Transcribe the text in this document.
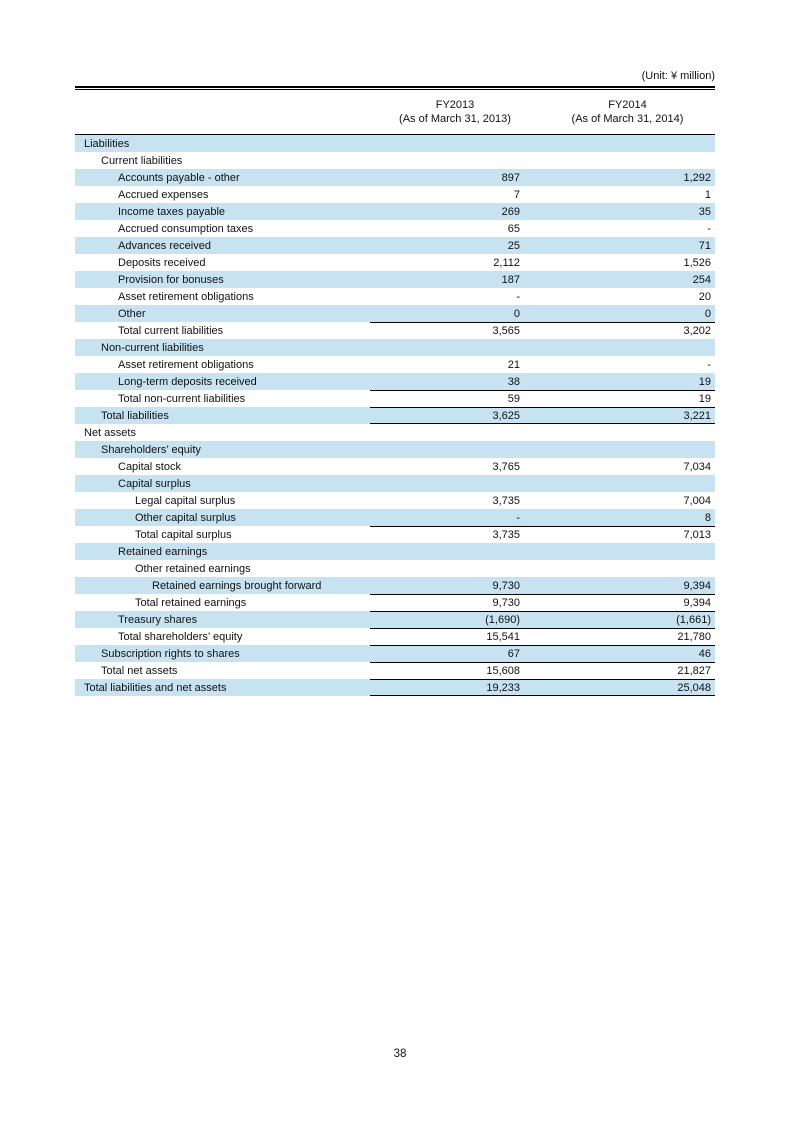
(Unit: ¥ million)
FY2013
(As of March 31, 2013)
FY2014
(As of March 31, 2014)
Liabilities
Current liabilities
Accounts payable - other	897	1,292
Accrued expenses	7	1
Income taxes payable	269	35
Accrued consumption taxes	65	-
Advances received	25	71
Deposits received	2,112	1,526
Provision for bonuses	187	254
Asset retirement obligations	-	20
Other	0	0
Total current liabilities	3,565	3,202
Non-current liabilities
Asset retirement obligations	21	-
Long-term deposits received	38	19
Total non-current liabilities	59	19
Total liabilities	3,625	3,221
Net assets
Shareholders’ equity
Capital stock	3,765	7,034
Capital surplus
Legal capital surplus	3,735	7,004
Other capital surplus	-	8
Total capital surplus	3,735	7,013
Retained earnings
Other retained earnings
Retained earnings brought forward	9,730	9,394
Total retained earnings	9,730	9,394
Treasury shares	(1,690)	(1,661)
Total shareholders’ equity	15,541	21,780
Subscription rights to shares	67	46
Total net assets	15,608	21,827
Total liabilities and net assets	19,233	25,048
38
